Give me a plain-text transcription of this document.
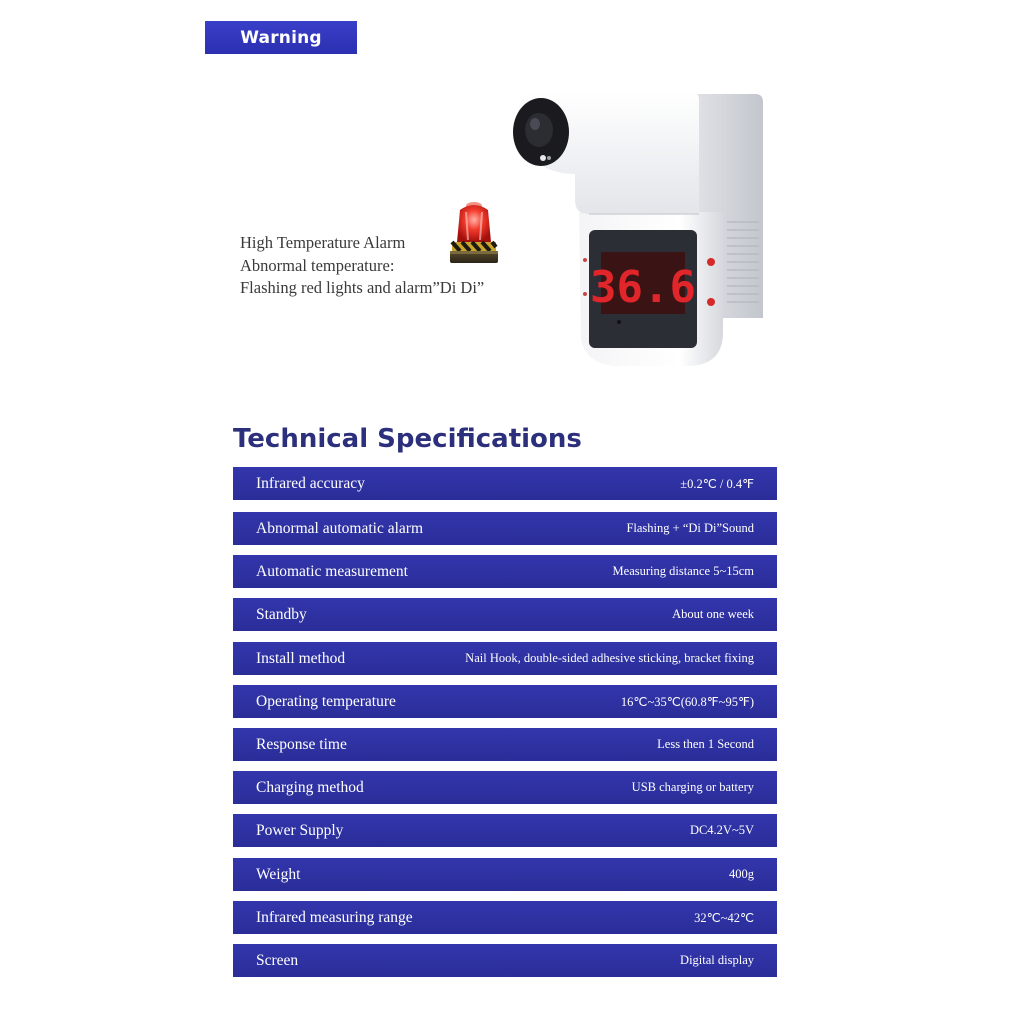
Warning
High Temperature Alarm
Abnormal temperature:
Flashing red lights and alarm”Di Di” 36.6
Technical Specifications
Infrared accuracy	±0.2℃ / 0.4℉
Abnormal automatic alarm	Flashing + “Di Di”Sound
Automatic measurement	Measuring distance 5~15cm
Standby	About one week
Install method	Nail Hook, double-sided adhesive sticking, bracket fixing
Operating temperature	16℃~35℃(60.8℉~95℉)
Response time	Less then 1 Second
Charging method	USB charging or battery
Power Supply	DC4.2V~5V
Weight	400g
Infrared measuring range	32℃~42℃
Screen	Digital display
